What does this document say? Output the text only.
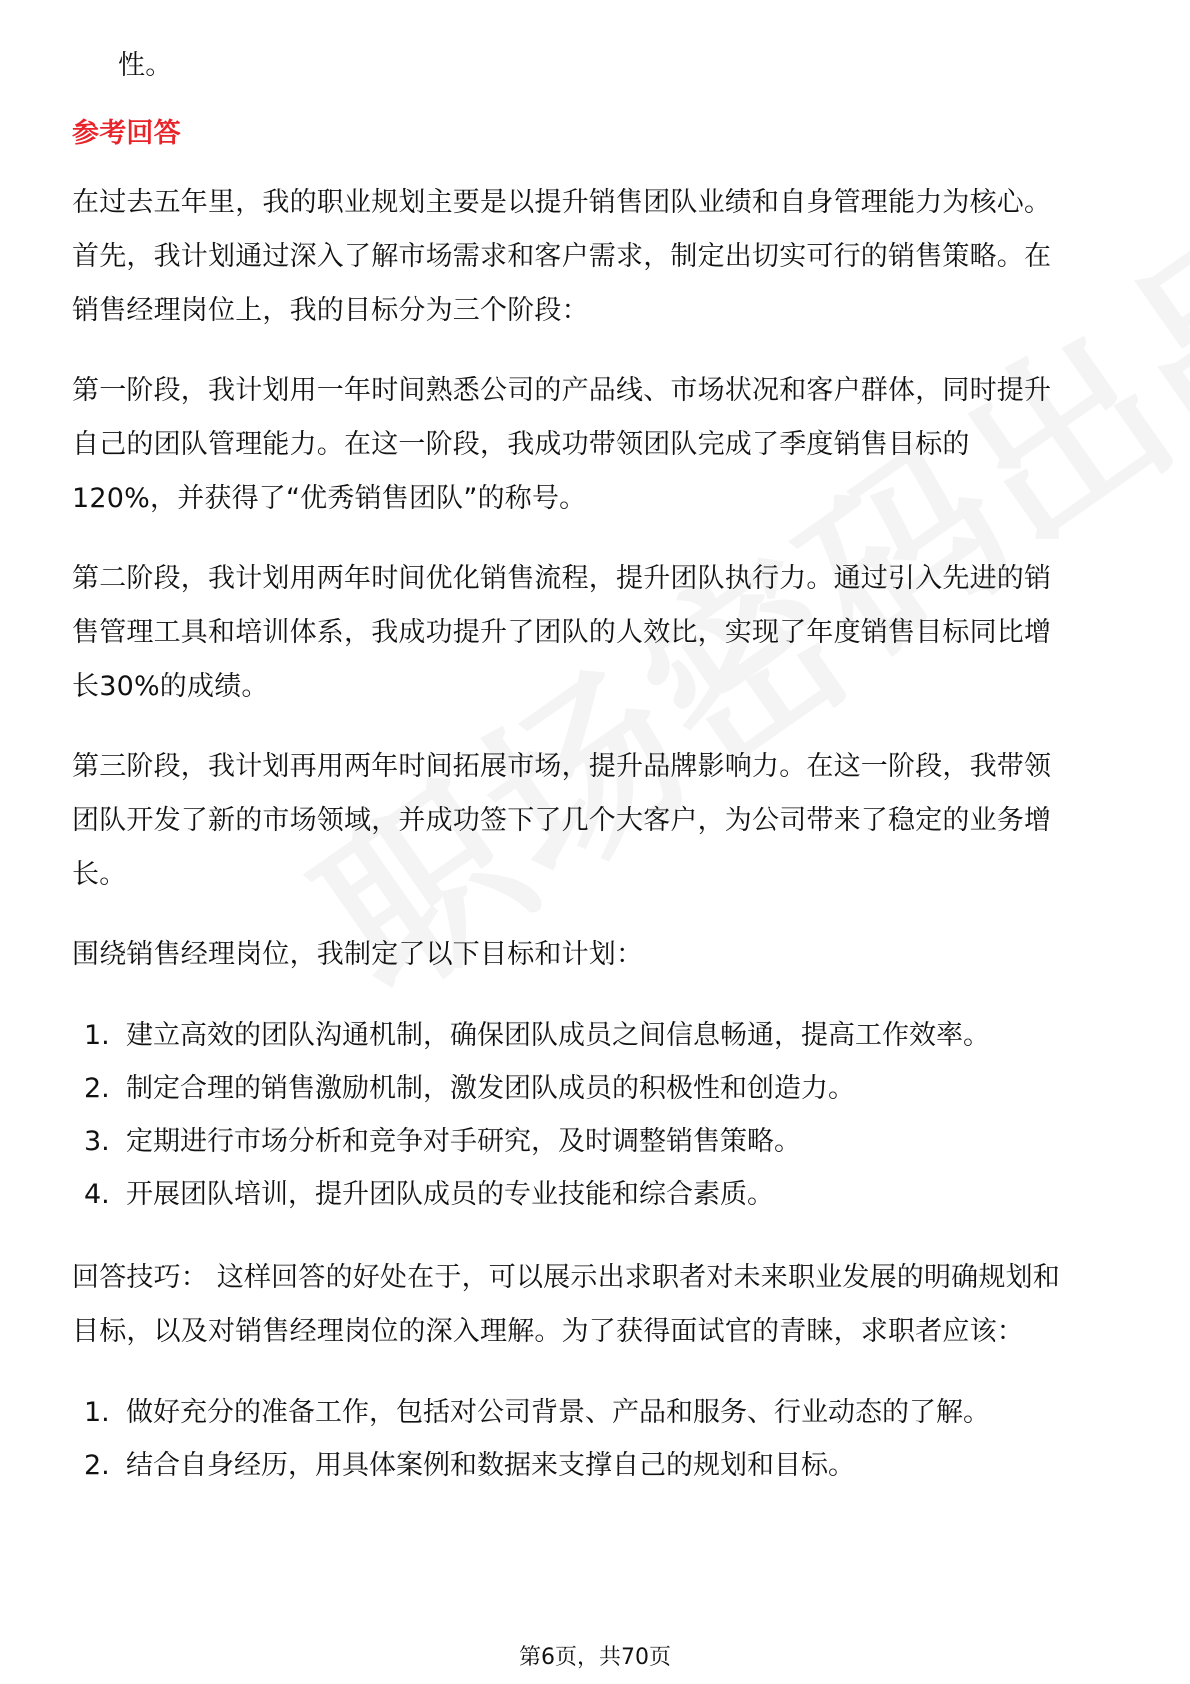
性。

参考回答

在过去五年里，我的职业规划主要是以提升销售团队业绩和自身管理能力为核心。

首先，我计划通过深入了解市场需求和客户需求，制定出切实可行的销售策略。在

销售经理岗位上，我的目标分为三个阶段：

第一阶段，我计划用一年时间熟悉公司的产品线、市场状况和客户群体，同时提升

自己的团队管理能力。在这一阶段，我成功带领团队完成了季度销售目标的

120%，并获得了“优秀销售团队”的称号。

第二阶段，我计划用两年时间优化销售流程，提升团队执行力。通过引入先进的销

售管理工具和培训体系，我成功提升了团队的人效比，实现了年度销售目标同比增

长30%的成绩。

第三阶段，我计划再用两年时间拓展市场，提升品牌影响力。在这一阶段，我带领

团队开发了新的市场领域，并成功签下了几个大客户，为公司带来了稳定的业务增

长。

围绕销售经理岗位，我制定了以下目标和计划：

1. 建立高效的团队沟通机制，确保团队成员之间信息畅通，提高工作效率。
2. 制定合理的销售激励机制，激发团队成员的积极性和创造力。
3. 定期进行市场分析和竞争对手研究，及时调整销售策略。
4. 开展团队培训，提升团队成员的专业技能和综合素质。

回答技巧： 这样回答的好处在于，可以展示出求职者对未来职业发展的明确规划和

目标，以及对销售经理岗位的深入理解。为了获得面试官的青睐，求职者应该：

1. 做好充分的准备工作，包括对公司背景、产品和服务、行业动态的了解。
2. 结合自身经历，用具体案例和数据来支撑自己的规划和目标。
第6页，共70页
